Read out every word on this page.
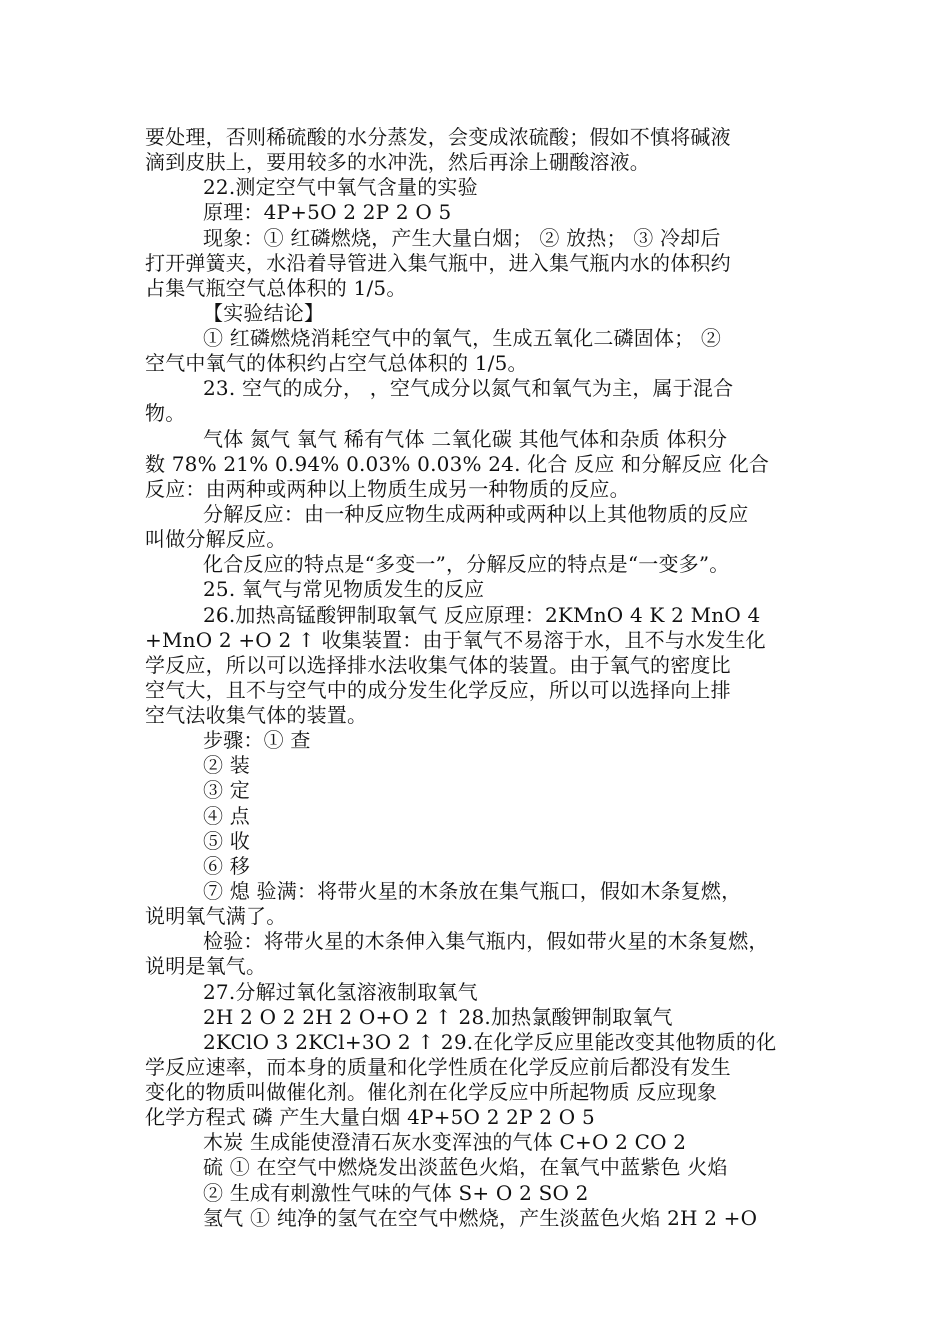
要处理，否则稀硫酸的水分蒸发，会变成浓硫酸；假如不慎将碱液
滴到皮肤上，要用较多的水冲洗，然后再涂上硼酸溶液。
22.测定空气中氧气含量的实验
原理：4P+5O 2 2P 2 O 5
现象：① 红磷燃烧，产生大量白烟； ② 放热； ③ 冷却后
打开弹簧夹，水沿着导管进入集气瓶中，进入集气瓶内水的体积约
占集气瓶空气总体积的 1/5。
【实验结论】
① 红磷燃烧消耗空气中的氧气，生成五氧化二磷固体； ②
空气中氧气的体积约占空气总体积的 1/5。
23. 空气的成分， ，空气成分以氮气和氧气为主，属于混合
物。
气体 氮气 氧气 稀有气体 二氧化碳 其他气体和杂质 体积分
数 78% 21% 0.94% 0.03% 0.03% 24. 化合 反应 和分解反应 化合
反应：由两种或两种以上物质生成另一种物质的反应。
分解反应：由一种反应物生成两种或两种以上其他物质的反应
叫做分解反应。
化合反应的特点是“多变一”，分解反应的特点是“一变多”。
25. 氧气与常见物质发生的反应
26.加热高锰酸钾制取氧气 反应原理：2KMnO 4 K 2 MnO 4
+MnO 2 +O 2 ↑ 收集装置：由于氧气不易溶于水，且不与水发生化
学反应，所以可以选择排水法收集气体的装置。由于氧气的密度比
空气大，且不与空气中的成分发生化学反应，所以可以选择向上排
空气法收集气体的装置。
步骤：① 查
② 装
③ 定
④ 点
⑤ 收
⑥ 移
⑦ 熄 验满：将带火星的木条放在集气瓶口，假如木条复燃，
说明氧气满了。
检验：将带火星的木条伸入集气瓶内，假如带火星的木条复燃，
说明是氧气。
27.分解过氧化氢溶液制取氧气
2H 2 O 2 2H 2 O+O 2 ↑ 28.加热氯酸钾制取氧气
2KClO 3 2KCl+3O 2 ↑ 29.在化学反应里能改变其他物质的化
学反应速率，而本身的质量和化学性质在化学反应前后都没有发生
变化的物质叫做催化剂。催化剂在化学反应中所起物质 反应现象
化学方程式 磷 产生大量白烟 4P+5O 2 2P 2 O 5
木炭 生成能使澄清石灰水变浑浊的气体 C+O 2 CO 2
硫 ① 在空气中燃烧发出淡蓝色火焰，在氧气中蓝紫色 火焰
② 生成有刺激性气味的气体 S+ O 2 SO 2
氢气 ① 纯净的氢气在空气中燃烧，产生淡蓝色火焰 2H 2 +O
